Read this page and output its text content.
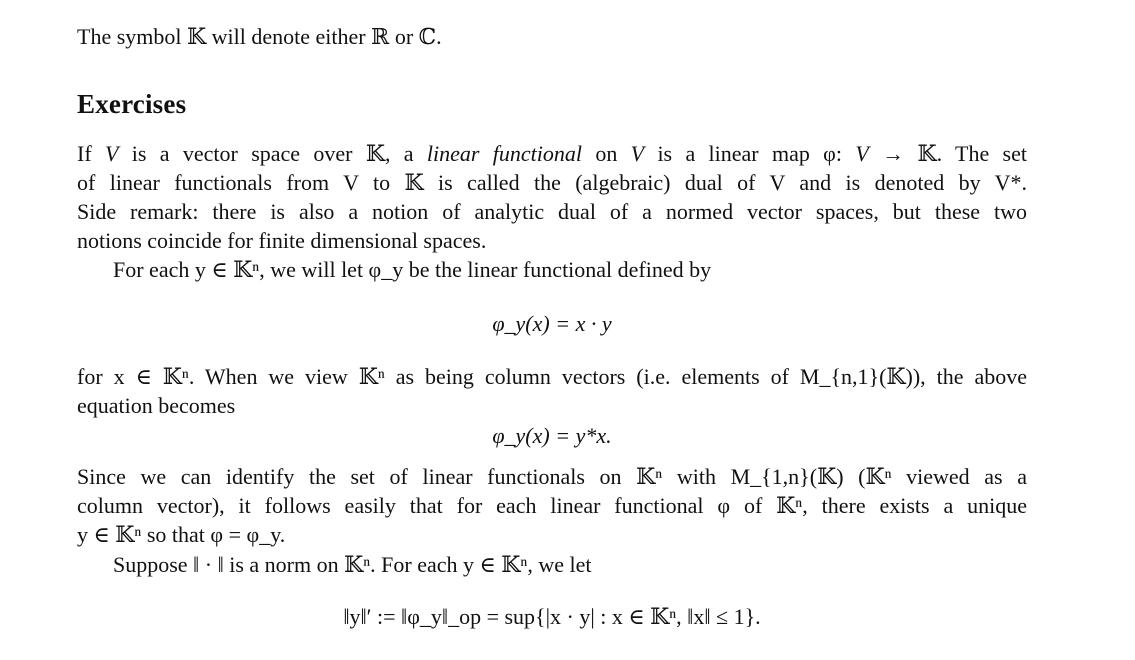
The symbol 𝕂 will denote either ℝ or ℂ.
Exercises
If V is a vector space over 𝕂, a linear functional on V is a linear map φ: V → 𝕂. The set
of linear functionals from V to 𝕂 is called the (algebraic) dual of V and is denoted by V*.
Side remark: there is also a notion of analytic dual of a normed vector spaces, but these two
notions coincide for finite dimensional spaces.
For each y ∈ 𝕂ⁿ, we will let φ_y be the linear functional defined by
φ_y(x) = x · y
for x ∈ 𝕂ⁿ. When we view 𝕂ⁿ as being column vectors (i.e. elements of M_{n,1}(𝕂)), the above
equation becomes
φ_y(x) = y*x.
Since we can identify the set of linear functionals on 𝕂ⁿ with M_{1,n}(𝕂) (𝕂ⁿ viewed as a
column vector), it follows easily that for each linear functional φ of 𝕂ⁿ, there exists a unique
y ∈ 𝕂ⁿ so that φ = φ_y.
Suppose ‖ · ‖ is a norm on 𝕂ⁿ. For each y ∈ 𝕂ⁿ, we let
‖y‖′ := ‖φ_y‖_op = sup{|x · y| : x ∈ 𝕂ⁿ, ‖x‖ ≤ 1}.
